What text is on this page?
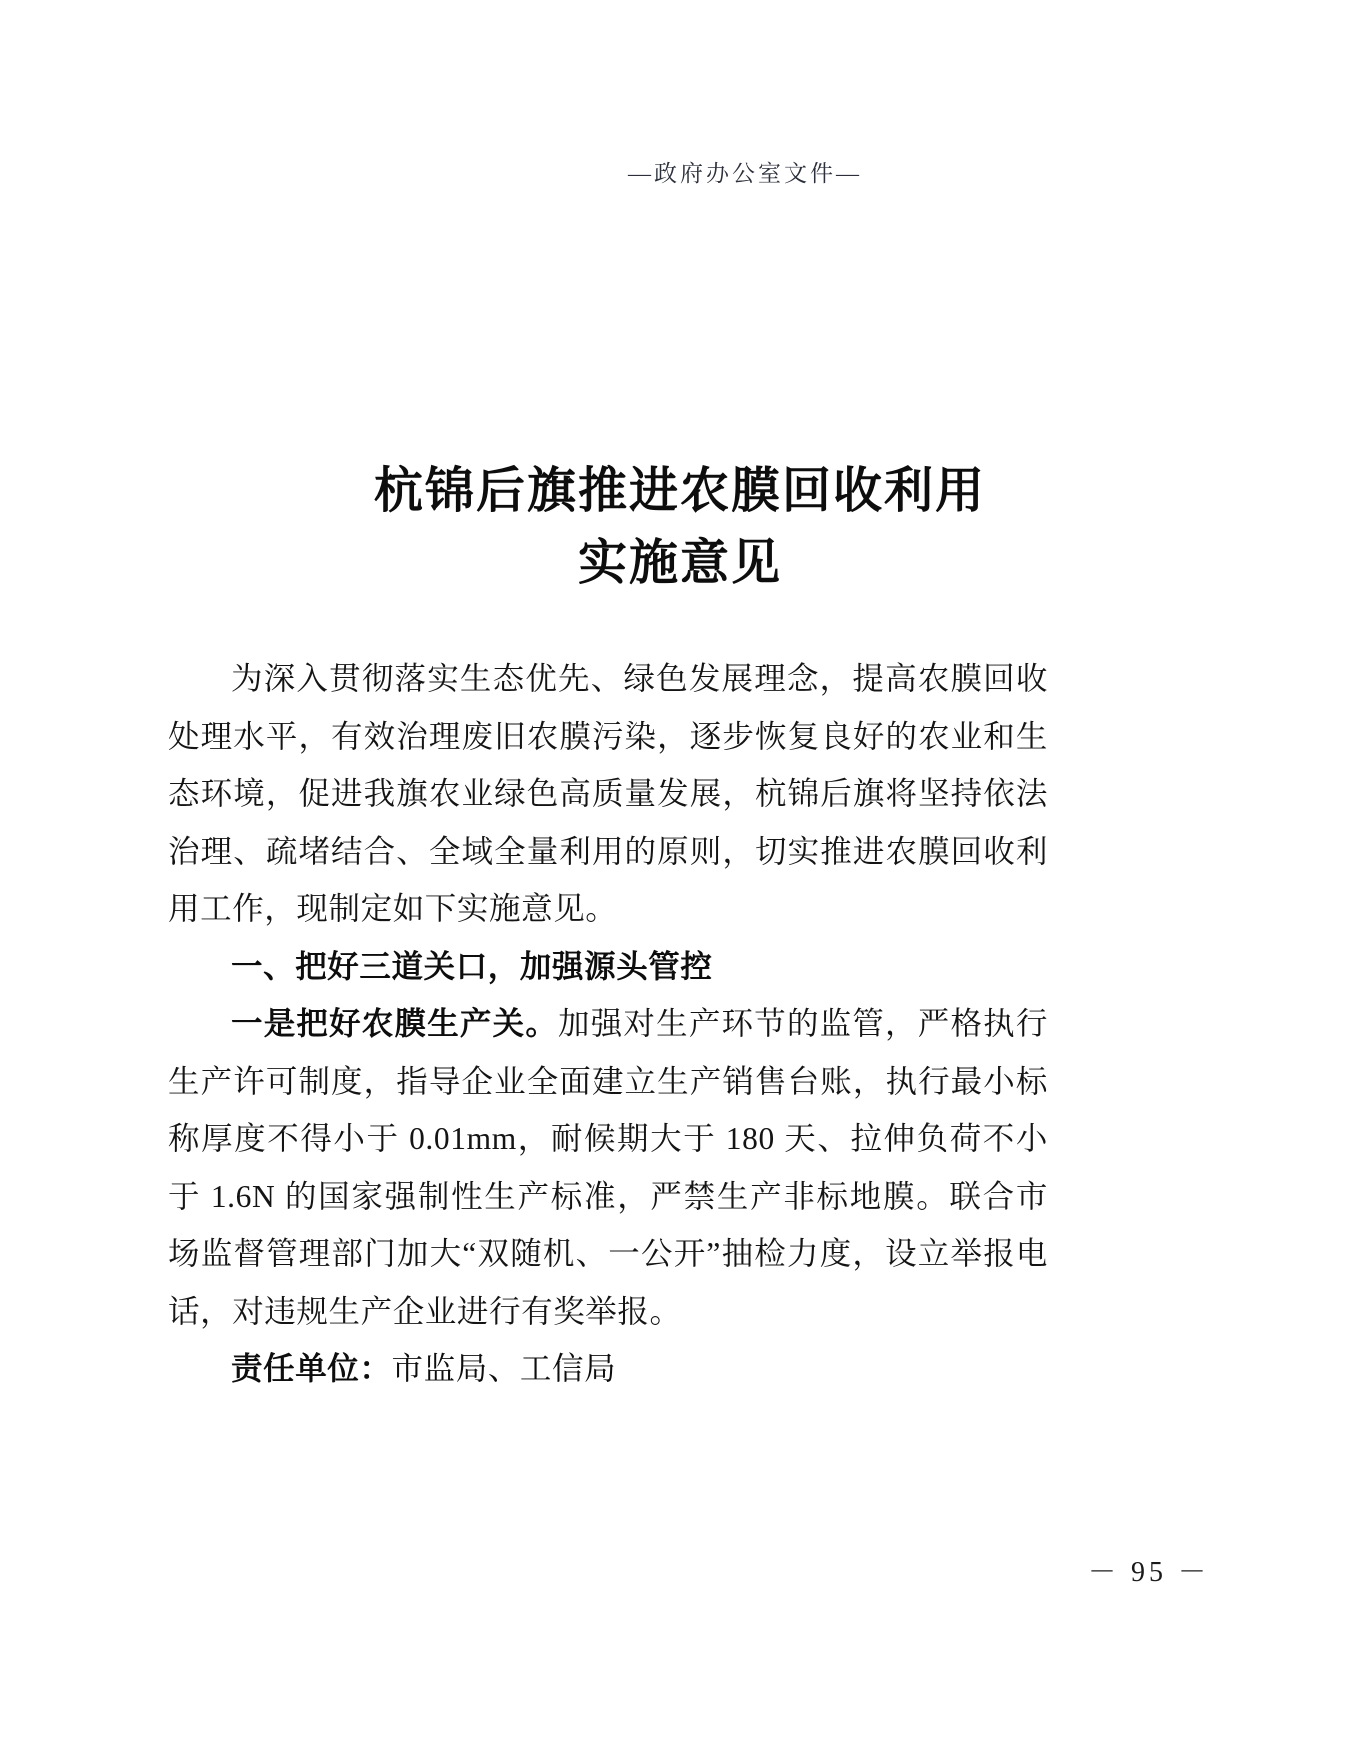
—政府办公室文件—
杭锦后旗推进农膜回收利用
实施意见

为深入贯彻落实生态优先、绿色发展理念，提高农膜回收处理水平，有效治理废旧农膜污染，逐步恢复良好的农业和生态环境，促进我旗农业绿色高质量发展，杭锦后旗将坚持依法治理、疏堵结合、全域全量利用的原则，切实推进农膜回收利用工作，现制定如下实施意见。

一、把好三道关口，加强源头管控

一是把好农膜生产关。加强对生产环节的监管，严格执行生产许可制度，指导企业全面建立生产销售台账，执行最小标称厚度不得小于 0.01mm，耐候期大于 180 天、拉伸负荷不小于 1.6N 的国家强制性生产标准，严禁生产非标地膜。联合市场监督管理部门加大“双随机、一公开”抽检力度，设立举报电话，对违规生产企业进行有奖举报。

责任单位：市监局、工信局

－ 95 －
